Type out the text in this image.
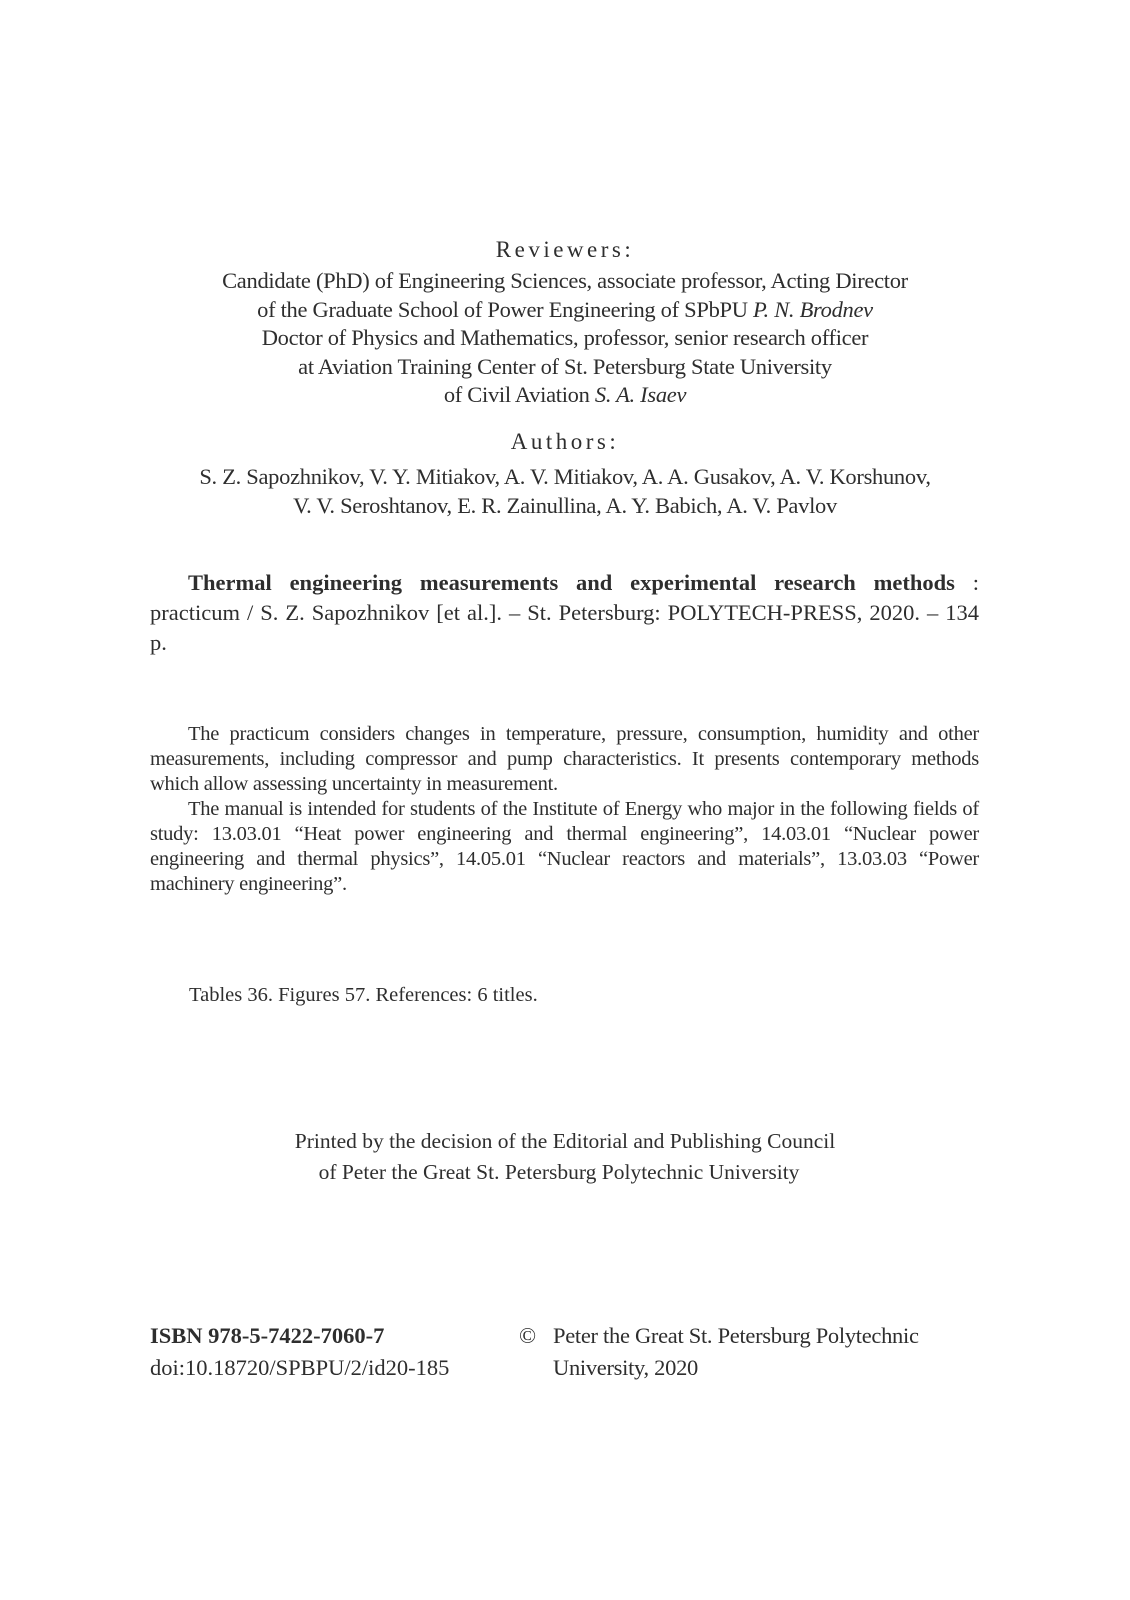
Reviewers:
Candidate (PhD) of Engineering Sciences, associate professor, Acting Director
of the Graduate School of Power Engineering of SPbPU P. N. Brodnev
Doctor of Physics and Mathematics, professor, senior research officer
at Aviation Training Center of St. Petersburg State University
of Civil Aviation S. A. Isaev
Authors:
S. Z. Sapozhnikov, V. Y. Mitiakov, A. V. Mitiakov, A. A. Gusakov, A. V. Korshunov,
V. V. Seroshtanov, E. R. Zainullina, A. Y. Babich, A. V. Pavlov
Thermal engineering measurements and experimental research methods : practicum / S. Z. Sapozhnikov [et al.]. – St. Petersburg: POLYTECH-PRESS, 2020. – 134 p.

The practicum considers changes in temperature, pressure, consumption, humidity and other measurements, including compressor and pump characteristics. It presents contemporary methods which allow assessing uncertainty in measurement.

The manual is intended for students of the Institute of Energy who major in the following fields of study: 13.03.01 “Heat power engineering and thermal engineering”, 14.03.01 “Nuclear power engineering and thermal physics”, 14.05.01 “Nuclear reactors and materials”, 13.03.03 “Power machinery engineering”.

Tables 36. Figures 57. References: 6 titles.
Printed by the decision of the Editorial and Publishing Council
of Peter the Great St. Petersburg Polytechnic University
ISBN 978-5-7422-7060-7
doi:10.18720/SPBPU/2/id20-185
© Peter the Great St. Petersburg Polytechnic
University, 2020
